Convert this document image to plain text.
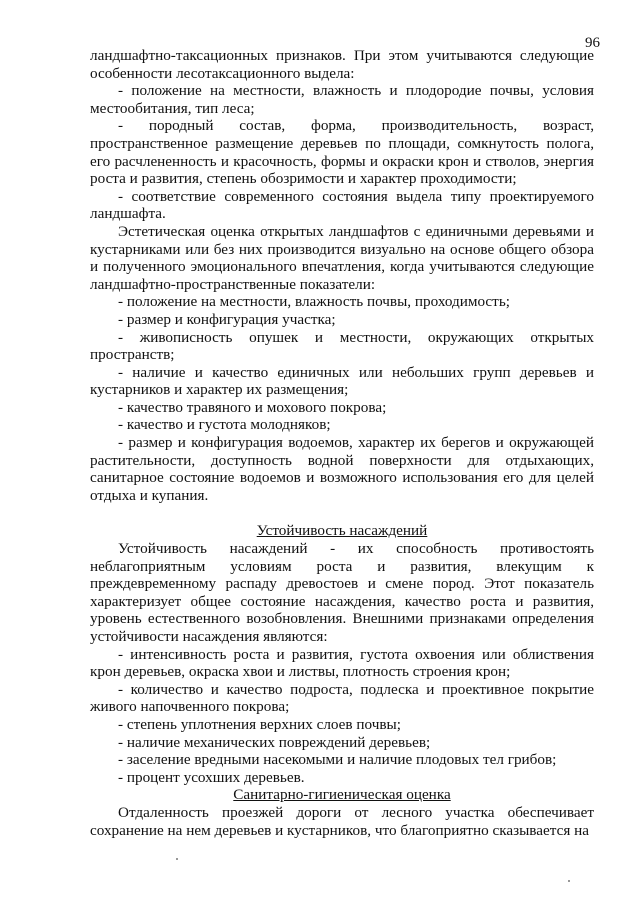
96

ландшафтно-таксационных признаков. При этом учитываются следующие особенности лесотаксационного выдела:

- положение на местности, влажность и плодородие почвы, условия местообитания, тип леса;

- породный состав, форма, производительность, возраст, пространственное размещение деревьев по площади, сомкнутость полога, его расчлененность и красочность, формы и окраски крон и стволов, энергия роста и развития, степень обозримости и характер проходимости;

- соответствие современного состояния выдела типу проектируемого ландшафта.

Эстетическая оценка открытых ландшафтов с единичными деревьями и кустарниками или без них производится визуально на основе общего обзора и полученного эмоционального впечатления, когда учитываются следующие ландшафтно-пространственные показатели:

- положение на местности, влажность почвы, проходимость;

- размер и конфигурация участка;

- живописность опушек и местности, окружающих открытых пространств;

- наличие и качество единичных или небольших групп деревьев и кустарников и характер их размещения;

- качество травяного и мохового покрова;

- качество и густота молодняков;

- размер и конфигурация водоемов, характер их берегов и окружающей растительности, доступность водной поверхности для отдыхающих, санитарное состояние водоемов и возможного использования его для целей отдыха и купания.

Устойчивость насаждений

Устойчивость насаждений - их способность противостоять неблагоприятным условиям роста и развития, влекущим к преждевременному распаду древостоев и смене пород. Этот показатель характеризует общее состояние насаждения, качество роста и развития, уровень естественного возобновления. Внешними признаками определения устойчивости насаждения являются:

- интенсивность роста и развития, густота охвоения или облиствения крон деревьев, окраска хвои и листвы, плотность строения крон;

- количество и качество подроста, подлеска и проективное покрытие живого напочвенного покрова;

- степень уплотнения верхних слоев почвы;

- наличие механических повреждений деревьев;

- заселение вредными насекомыми и наличие плодовых тел грибов;

- процент усохших деревьев.

Санитарно-гигиеническая оценка

Отдаленность проезжей дороги от лесного участка обеспечивает сохранение на нем деревьев и кустарников, что благоприятно сказывается на
